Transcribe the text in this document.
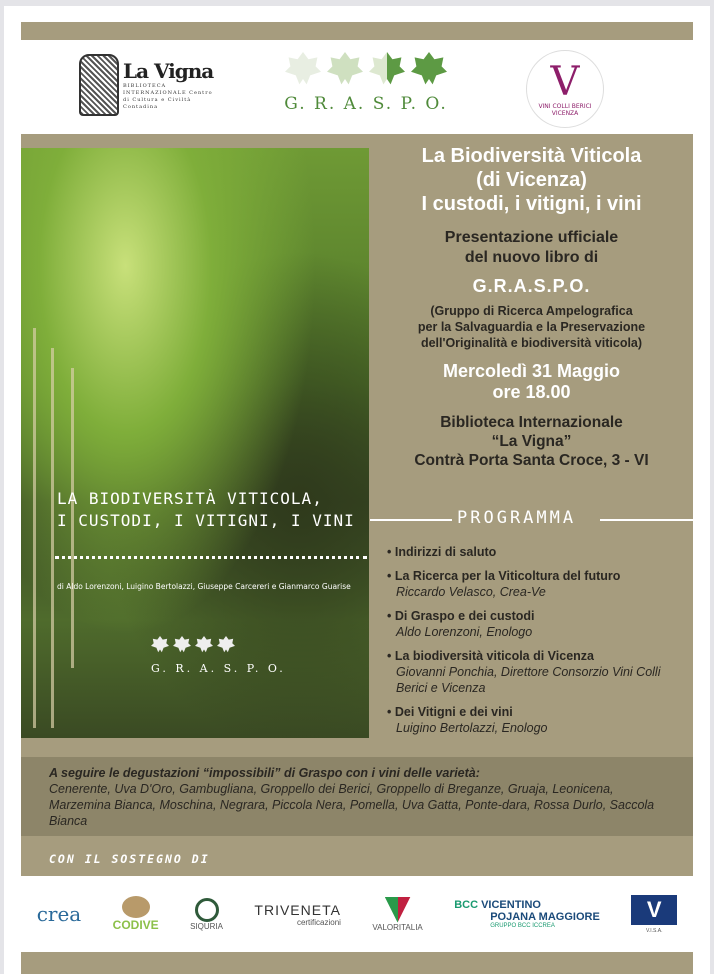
La Vigna
BIBLIOTECA INTERNAZIONALE Centro di Cultura e Civiltà Contadina	G. R. A. S. P. O.	V
VINI COLLI BERICI VICENZA
LA BIODIVERSITÀ VITICOLA,
I CUSTODI, I VITIGNI, I VINI
di Aldo Lorenzoni, Luigino Bertolazzi, Giuseppe Carcereri e Gianmarco Guarise
G. R. A. S. P. O.
La Biodiversità Viticola
(di Vicenza)
I custodi, i vitigni, i vini
Presentazione ufficiale
del nuovo libro di
G.R.A.S.P.O.
(Gruppo di Ricerca Ampelografica
per la Salvaguardia e la Preservazione
dell'Originalità e biodiversità viticola)
Mercoledì 31 Maggio
ore 18.00
Biblioteca Internazionale
“La Vigna”
Contrà Porta Santa Croce, 3 - VI
PROGRAMMA
• Indirizzi di saluto
• La Ricerca per la Viticoltura del futuro
Riccardo Velasco, Crea-Ve
• Di Graspo e dei custodi
Aldo Lorenzoni, Enologo
• La biodiversità viticola di Vicenza
Giovanni Ponchia, Direttore Consorzio Vini Colli Berici e Vicenza
• Dei Vitigni e dei vini
Luigino Bertolazzi, Enologo
A seguire le degustazioni “impossibili” di Graspo con i vini delle varietà:
Cenerente, Uva D'Oro, Gambugliana, Groppello dei Berici, Groppello di Breganze, Gruaja, Leonicena, Marzemina Bianca, Moschina, Negrara, Piccola Nera, Pomella, Uva Gatta, Ponte-dara, Rossa Durlo, Saccola Bianca
CON IL SOSTEGNO DI
crea	CODIVE	SIQURIA
TRIVENETA
certificazioni
VALORITALIA
BCC VICENTINO
POJANA MAGGIORE
GRUPPO BCC ICCREA
V
V.I.S.A.
